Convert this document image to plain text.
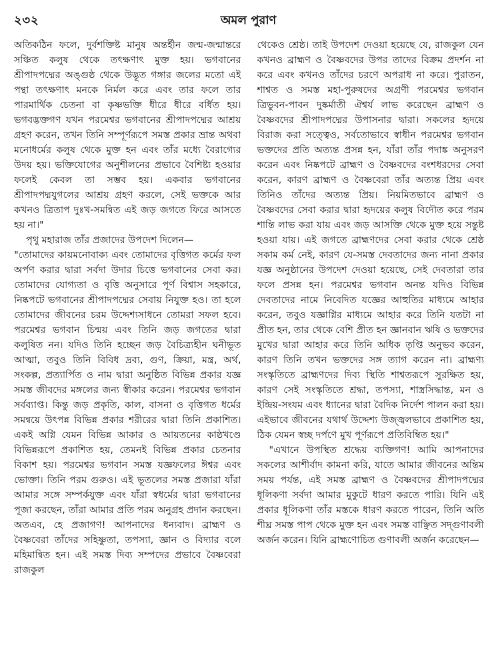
২৩২	অমল পুরাণ

অতিকঠিন ফলে, দুর্বশক্তিষ্ট মানুষ অন্তর্হীন জন্ম-জন্মান্তরে সঞ্চিত কলুষ থেকে তৎক্ষণাৎ মুক্ত হয়। ভগবানের শ্রীপাদপদ্মের অঙ্গুষ্ঠ থেকে উদ্ভূত গঙ্গার জলের মতো এই পন্থা তৎক্ষণাৎ মনকে নির্মল করে এবং তার ফলে তার পারমার্থিক চেতনা বা কৃষ্ণভক্তি ধীরে ধীরে বর্ধিত হয়। ভগবদ্ভক্তগণ যখন পরমেশ্বর ভগবানের শ্রীপাদপদ্মের আশ্রয় গ্রহণ করেন, তখন তিনি সম্পূর্ণরূপে সমস্ত প্রকার ভ্রান্ত অথবা মনোধর্মের কলুষ থেকে মুক্ত হন এবং তাঁর মধ্যে বৈরাগ্যের উদয় হয়। ভক্তিযোগের অনুশীলনের প্রভাবে বৈশিষ্ট্য হওয়ার ফলেই কেবল তা সম্ভব হয়। একবার ভগবানের শ্রীপাদপদ্মযুগলের আশ্রয় গ্রহণ করলে, সেই ভক্তকে আর কখনও ত্রিতাপ দুঃখ-সমন্বিত এই জড় জগতে ফিরে আসতে হয় না।"

পৃথু মহারাজ তাঁর প্রজাদের উপদেশ দিলেন—

"তোমাদের কায়মনোবাক্য এবং তোমাদের বৃত্তিগত কর্মের ফল অর্পণ করার দ্বারা সর্বদা উদার চিত্তে ভগবানের সেবা কর। তোমাদের যোগ্যতা ও বৃত্তি অনুসারে পূর্ণ বিশ্বাস সহকারে, নিষ্কপটে ভগবানের শ্রীপাদপদ্মের সেবায় নিযুক্ত হও। তা হলে তোমাদের জীবনের চরম উদ্দেশ্যসাধনে তোমরা সফল হবে। পরমেশ্বর ভগবান চিন্ময় এবং তিনি জড় জগতের দ্বারা কলুষিত নন। যদিও তিনি হচ্ছেন জড় বৈচিত্র্যহীন ঘনীভূত আত্মা, তবুও তিনি বিবিধ দ্রব্য, গুণ, ক্রিয়া, মন্ত্র, অর্থ, সংকল্প, প্রত্যার্পিত ও নাম দ্বারা অনুষ্ঠিত বিভিন্ন প্রকার যজ্ঞ সমস্ত জীবদের মঙ্গলের জন্য স্বীকার করেন। পরমেশ্বর ভগবান সর্বব্যাপ্ত। কিন্তু জড় প্রকৃতি, কাল, বাসনা ও বৃত্তিগত ধর্মের সমন্বয়ে উৎপন্ন বিভিন্ন প্রকার শরীরের দ্বারা তিনি প্রকাশিত। একই অগ্নি যেমন বিভিন্ন আকার ও আয়তনের কাষ্ঠখণ্ডে বিভিন্নরূপে প্রকাশিত হয়, তেমনই বিভিন্ন প্রকার চেতনার বিকাশ হয়। পরমেশ্বর ভগবান সমস্ত যজ্ঞফলের ঈশ্বর এবং ভোক্তা। তিনি পরম গুরুও। এই ভূতলের সমস্ত প্রজারা যাঁরা আমার সঙ্গে সম্পর্কযুক্ত এবং যাঁরা স্বধর্মের দ্বারা ভগবানের পূজা করছেন, তাঁরা আমার প্রতি পরম অনুগ্রহ প্রদান করছেন। অতএব, হে প্রজাগণ! আপনাদের ধন্যবাদ। ব্রাহ্মণ ও বৈষ্ণবেরা তাঁদের সহিষ্ণুতা, তপস্যা, জ্ঞান ও বিদ্যার বলে মহিমান্বিত হন। এই সমস্ত দিব্য সম্পদের প্রভাবে বৈষ্ণবেরা রাজকুল

থেকেও শ্রেষ্ঠ। তাই উপদেশ দেওয়া হয়েছে যে, রাজকুল যেন কখনও ব্রাহ্মণ ও বৈষ্ণবদের উপর তাদের বিক্রম প্রদর্শন না করে এবং কখনও তাঁদের চরণে অপরাধ না করে। পুরাতন, শাশ্বত ও সমস্ত মহা-পুরুষদের অগ্রণী পরমেশ্বর ভগবান ত্রিভুবন-পাবন দুষ্কর্মাতী ঐশ্বর্য লাভ করেছেন ব্রাহ্মণ ও বৈষ্ণবদের শ্রীপাদপদ্মের উপাসনার দ্বারা। সকলের হৃদয়ে বিরাজ করা সত্ত্বেও, সর্বতোভাবে স্বাধীন পরমেশ্বর ভগবান ভক্তদের প্রতি অত্যন্ত প্রসন্ন হন, যাঁরা তাঁর পদাঙ্ক অনুসরণ করেন এবং নিষ্কপটে ব্রাহ্মণ ও বৈষ্ণবদের বংশধরদের সেবা করেন, কারণ ব্রাহ্মণ ও বৈষ্ণবেরা তাঁর অত্যন্ত প্রিয় এবং তিনিও তাঁদের অত্যন্ত প্রিয়। নিয়মিতভাবে ব্রাহ্মণ ও বৈষ্ণবদের সেবা করার দ্বারা হৃদয়ের কলুষ বিদৌত করে পরম শান্তি লাভ করা যায় এবং জড় আসক্তি থেকে মুক্ত হয়ে সন্তুষ্ট হওয়া যায়। এই জগতে ব্রাহ্মণদের সেবা করার থেকে শ্রেষ্ঠ সকাম কর্ম নেই, কারণ যে-সমস্ত দেবতাদের জন্য নানা প্রকার যজ্ঞ অনুষ্ঠানের উপদেশ দেওয়া হয়েছে, সেই দেবতারা তার ফলে প্রসন্ন হন। পরমেশ্বর ভগবান অনন্ত যদিও বিভিন্ন দেবতাদের নামে নিবেদিত যজ্ঞের আহুতির মাধ্যমে আহার করেন, তবুও যজ্ঞাগ্নির মাধ্যমে আহার করে তিনি যতটা না প্রীত হন, তার থেকে বেশি প্রীত হন জ্ঞানবান ঋষি ও ভক্তদের মুখের দ্বারা আহার করে তিনি অধিক তৃপ্তি অনুভব করেন, কারণ তিনি তখন ভক্তদের সঙ্গ ত্যাগ করেন না। ব্রাহ্মণ্য সংস্কৃতিতে ব্রাহ্মণদের দিব্য স্থিতি শাশ্বতরূপে সুরক্ষিত হয়, কারণ সেই সংস্কৃতিতে শ্রদ্ধা, তপস্যা, শাস্ত্রসিদ্ধান্ত, মন ও ইন্দ্রিয়-সংযম এবং ধ্যানের দ্বারা বৈদিক নির্দেশ পালন করা হয়। এইভাবে জীবনের যথার্থ উদ্দেশ্য উজ্জ্বলভাবে প্রকাশিত হয়, ঠিক যেমন স্বচ্ছ দর্পণে মুখ পূর্ণরূপে প্রতিবিম্বিত হয়।"

"এখানে উপস্থিত শ্রদ্ধেয় ব্যক্তিগণ! আমি আপনাদের সকলের আশীর্বাদ কামনা করি, যাতে আমার জীবনের অন্তিম সময় পর্যন্ত, এই সমস্ত ব্রাহ্মণ ও বৈষ্ণবদের শ্রীপাদপদ্মের ধূলিকণা সর্বদা আমার মুকুটে ধারণ করতে পারি। যিনি এই প্রকার ধূলিকণা তাঁর মস্তকে ধারণ করতে পারেন, তিনি অতি শীঘ্র সমস্ত পাপ থেকে মুক্ত হন এবং সমস্ত বাঞ্ছিত সদ্গুণাবলী অর্জন করেন। যিনি ব্রাহ্মণোচিত গুণাবলী অর্জন করেছেন—
